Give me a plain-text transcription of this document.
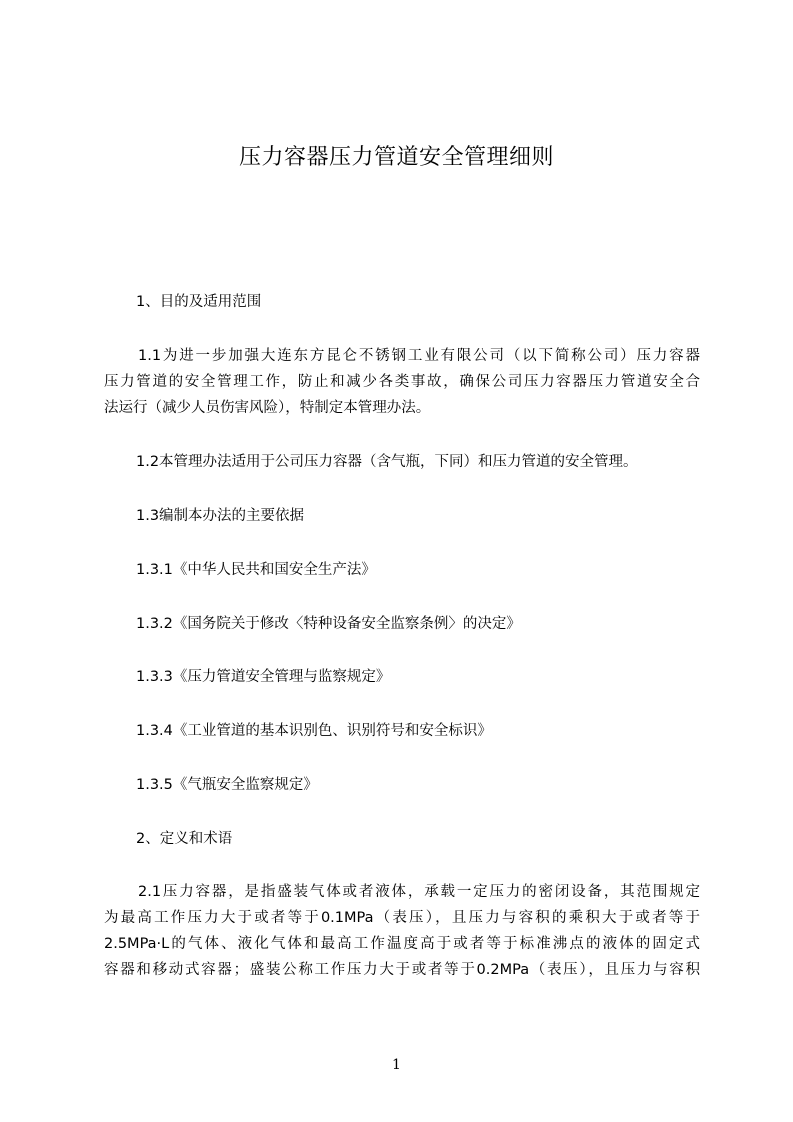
压力容器压力管道安全管理细则
1、目的及适用范围
1.1为进一步加强大连东方昆仑不锈钢工业有限公司（以下简称公司）压力容器
压力管道的安全管理工作，防止和减少各类事故，确保公司压力容器压力管道安全合
法运行（减少人员伤害风险），特制定本管理办法。
1.2本管理办法适用于公司压力容器（含气瓶，下同）和压力管道的安全管理。
1.3编制本办法的主要依据
1.3.1《中华人民共和国安全生产法》
1.3.2《国务院关于修改〈特种设备安全监察条例〉的决定》
1.3.3《压力管道安全管理与监察规定》
1.3.4《工业管道的基本识别色、识别符号和安全标识》
1.3.5《气瓶安全监察规定》
2、定义和术语
2.1压力容器，是指盛装气体或者液体，承载一定压力的密闭设备，其范围规定
为最高工作压力大于或者等于0.1MPa（表压），且压力与容积的乘积大于或者等于
2.5MPa·L的气体、液化气体和最高工作温度高于或者等于标准沸点的液体的固定式
容器和移动式容器；盛装公称工作压力大于或者等于0.2MPa（表压），且压力与容积
1
